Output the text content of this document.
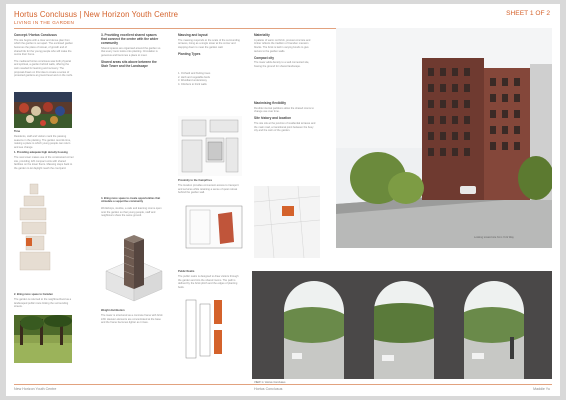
Hortus Conclusus | New Horizon Youth Centre
LIVING IN THE GARDEN
SHEET 1 OF 2
Concept / Hortus Conclusus

The site begins with a clear and dense plan from which the garden is set apart. The enclosed garden becomes the place of retreat, of growth and of shared life for the young people who will make the centre their home.

The medieval hortus conclusus was both physical and spiritual, a garden behind walls, offering the calm needed for learning and recovery. The proposal draws on this idea to create a series of protected gardens at ground level and on the roofs.

Time
Residents, staff and visitors mark the passing seasons in the planting. The garden records time, making a place to which young people can return and see change.
1. Providing adequate high density housing
The new tower makes use of the constrained corner site, providing 120 compact units with shared facilities on the lower floors. Massing steps back to the garden to let daylight reach the courtyard.
2. Bring more space to Camden
The garden is returned to the neighbourhood as a landscaped public route linking the surrounding streets.
3. Providing excellent shared spaces that connect the centre with the wider community

Shared spaces are organised around the garden so that every room looks onto planting. Circulation is generous and becomes a place to meet.

Shared areas sits above between the Stair Tower and the Landscape
4. Bring more space to create opportunities that stimulate a supportive community
Workshops, studios, a cafe and learning rooms open onto the garden so that young people, staff and neighbours share the same ground.
Weight distribution
The tower is structured as a concrete frame with brick infill. Heavier elements are concentrated at the base and the frame becomes lighter as it rises.
Massing and layout

The massing responds to the scale of the surrounding terraces, rising as a single tower at the corner and stepping down to meet the garden wall.

Planting Types
1. Orchard and fruiting trees
2. Herb and vegetable beds
3. Woodland understorey
4. Climbers to brick walls
Proximity to the Camp/Cres
The location provides convenient access to transport and services while retaining a sense of quiet retreat behind the garden wall.
Public Realm
The public realm is designed to draw visitors through the garden and into the shared rooms. The path is defined by the brick plinth and the edges of planting beds.
Materiality

A palette of warm red brick, precast concrete and timber reflects the tradition of Camden mansion blocks. The brick is laid in varying bonds to give texture to the garden walls.

Compact city

The tower adds density to a well connected site, freeing the ground for shared landscape.

Maximising flexibility

Flexible internal partitions allow the shared rooms to change use over time.

Site history and location

The site sits at the junction of residential terraces and the main road, a transitional point between the busy city and the calm of the garden.

Looking toward site from York Way
VIEW 1 / Hortus Conclusus
New Horizon Youth Centre	Hortus Conclusus	Maddie Yu
